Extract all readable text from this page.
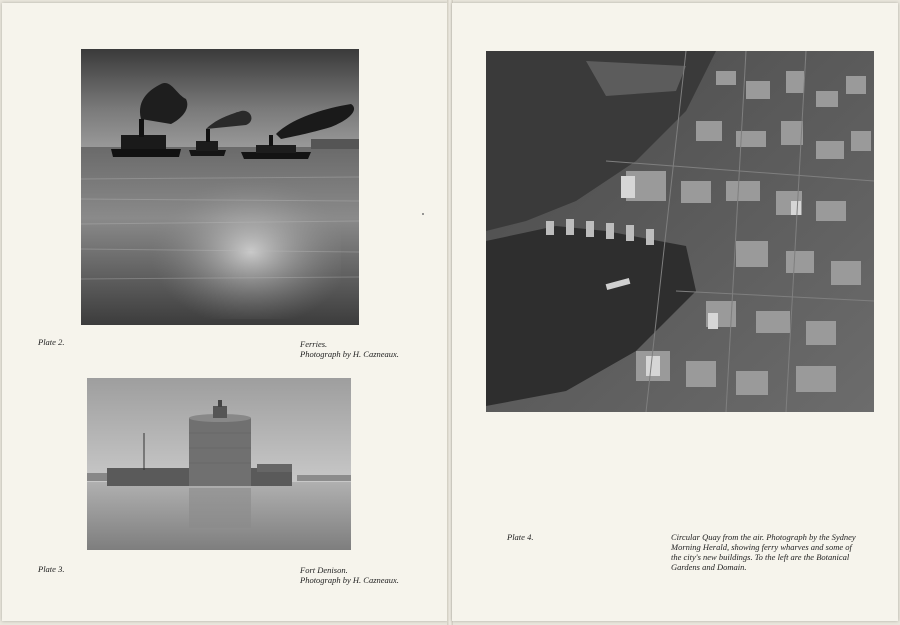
Plate 2.	Ferries.
Photograph by H. Cazneaux.
Plate 3.	Fort Denison.
Photograph by H. Cazneaux.
Plate 4.	Circular Quay from the air. Photograph by the Sydney
Morning Herald, showing ferry wharves and some of
the city's new buildings. To the left are the Botanical
Gardens and Domain.
